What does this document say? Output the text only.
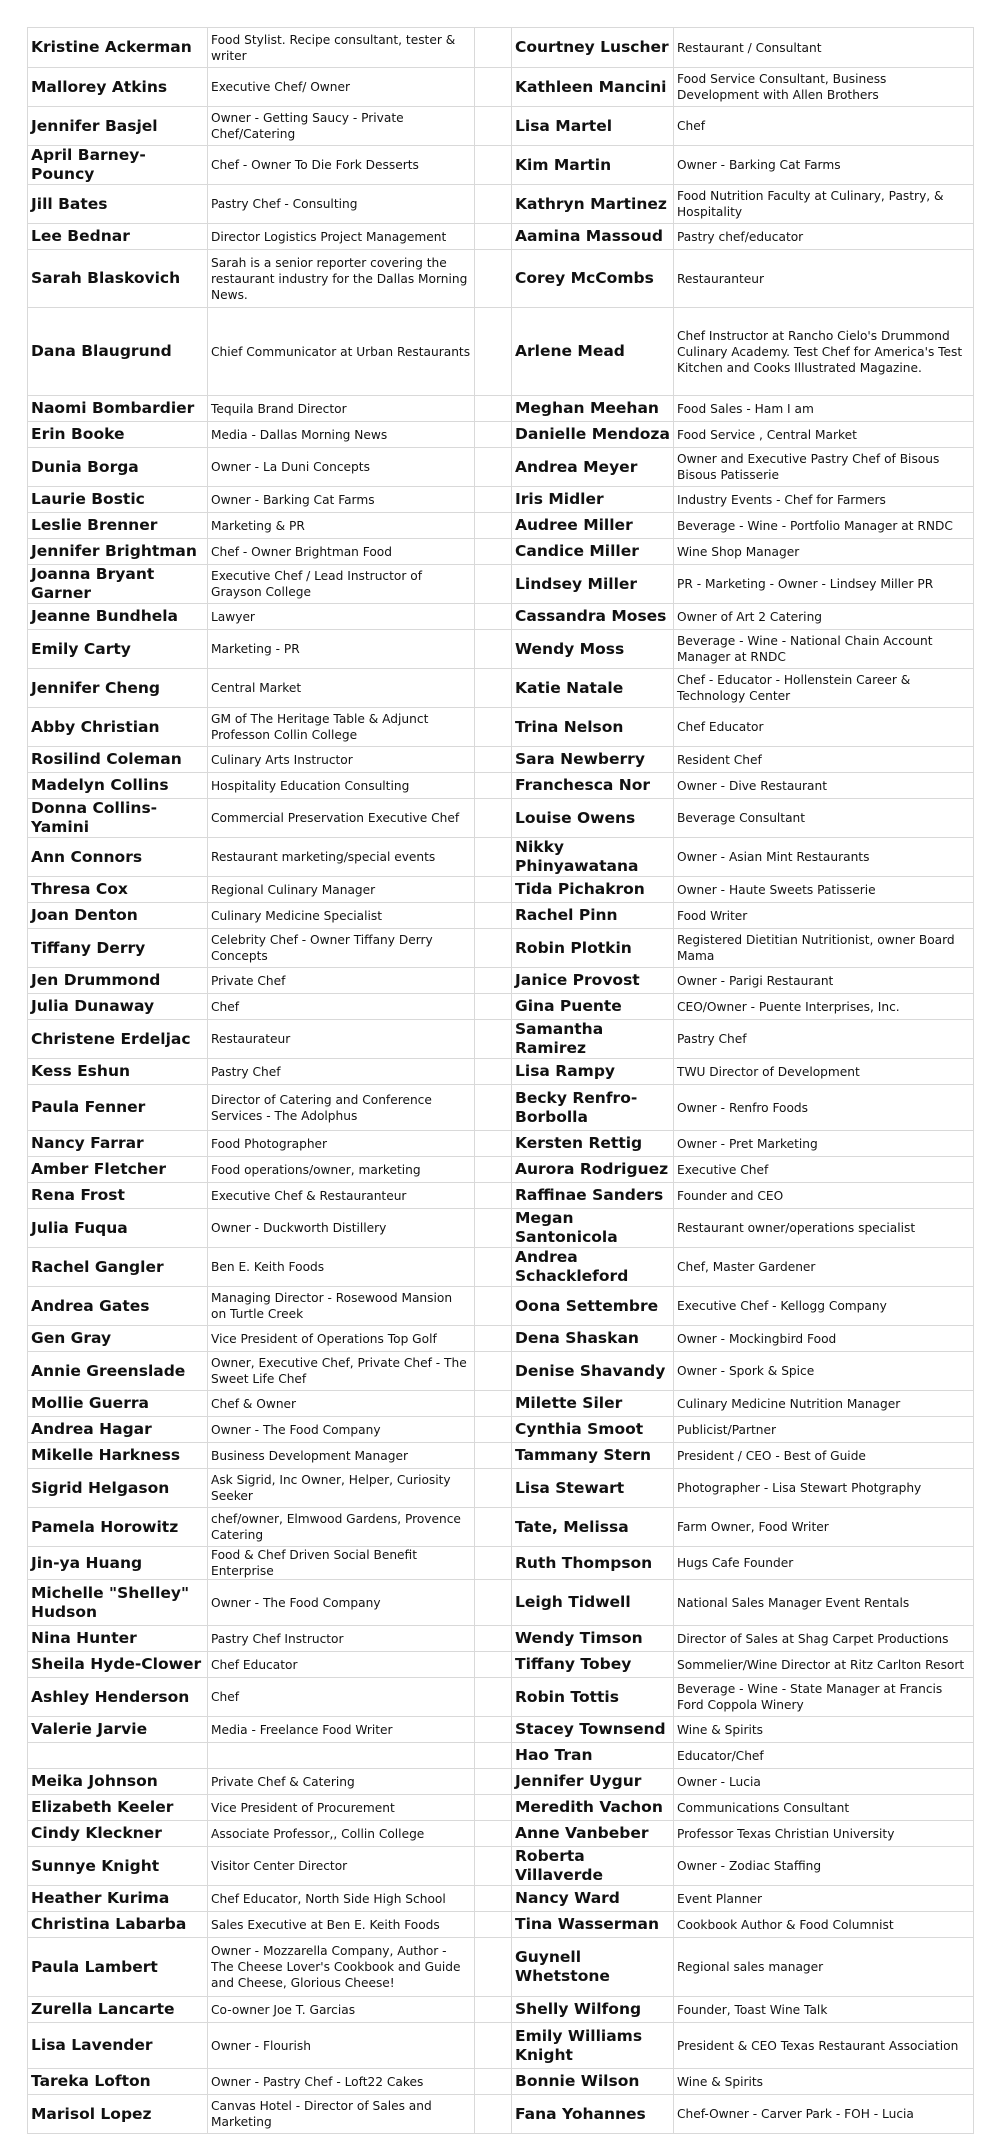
Kristine Ackerman	Food Stylist. Recipe consultant, tester & writer		Courtney Luscher	Restaurant / Consultant
Mallorey Atkins	Executive Chef/ Owner		Kathleen Mancini	Food Service Consultant, Business Development with Allen Brothers
Jennifer Basjel	Owner - Getting Saucy - Private Chef/Catering		Lisa Martel	Chef
April Barney-Pouncy	Chef - Owner To Die Fork Desserts		Kim Martin	Owner - Barking Cat Farms
Jill Bates	Pastry Chef - Consulting		Kathryn Martinez	Food Nutrition Faculty at Culinary, Pastry, & Hospitality
Lee Bednar	Director Logistics Project Management		Aamina Massoud	Pastry chef/educator
Sarah Blaskovich	Sarah is a senior reporter covering the restaurant industry for the Dallas Morning News.		Corey McCombs	Restauranteur
Dana Blaugrund	Chief Communicator at Urban Restaurants		Arlene Mead	Chef Instructor at Rancho Cielo's Drummond Culinary Academy. Test Chef for America's Test Kitchen and Cooks Illustrated Magazine.
Naomi Bombardier	Tequila Brand Director		Meghan Meehan	Food Sales - Ham I am
Erin Booke	Media - Dallas Morning News		Danielle Mendoza	Food Service , Central Market
Dunia Borga	Owner - La Duni Concepts		Andrea Meyer	Owner and Executive Pastry Chef of Bisous Bisous Patisserie
Laurie Bostic	Owner - Barking Cat Farms		Iris Midler	Industry Events - Chef for Farmers
Leslie Brenner	Marketing & PR		Audree Miller	Beverage - Wine - Portfolio Manager at RNDC
Jennifer Brightman	Chef - Owner Brightman Food		Candice Miller	Wine Shop Manager
Joanna Bryant Garner	Executive Chef / Lead Instructor of Grayson College		Lindsey Miller	PR - Marketing - Owner - Lindsey Miller PR
Jeanne Bundhela	Lawyer		Cassandra Moses	Owner of Art 2 Catering
Emily Carty	Marketing - PR		Wendy Moss	Beverage - Wine - National Chain Account Manager at RNDC
Jennifer Cheng	Central Market		Katie Natale	Chef - Educator - Hollenstein Career & Technology Center
Abby Christian	GM of The Heritage Table & Adjunct Professon Collin College		Trina Nelson	Chef Educator
Rosilind Coleman	Culinary Arts Instructor		Sara Newberry	Resident Chef
Madelyn Collins	Hospitality Education Consulting		Franchesca Nor	Owner - Dive Restaurant
Donna Collins-Yamini	Commercial Preservation Executive Chef		Louise Owens	Beverage Consultant
Ann Connors	Restaurant marketing/special events		Nikky Phinyawatana	Owner - Asian Mint Restaurants
Thresa Cox	Regional Culinary Manager		Tida Pichakron	Owner - Haute Sweets Patisserie
Joan Denton	Culinary Medicine Specialist		Rachel Pinn	Food Writer
Tiffany Derry	Celebrity Chef - Owner Tiffany Derry Concepts		Robin Plotkin	Registered Dietitian Nutritionist, owner Board Mama
Jen Drummond	Private Chef		Janice Provost	Owner - Parigi Restaurant
Julia Dunaway	Chef		Gina Puente	CEO/Owner - Puente Interprises, Inc.
Christene Erdeljac	Restaurateur		Samantha Ramirez	Pastry Chef
Kess Eshun	Pastry Chef		Lisa Rampy	TWU Director of Development
Paula Fenner	Director of Catering and Conference Services - The Adolphus		Becky Renfro-Borbolla	Owner - Renfro Foods
Nancy Farrar	Food Photographer		Kersten Rettig	Owner - Pret Marketing
Amber Fletcher	Food operations/owner, marketing		Aurora Rodriguez	Executive Chef
Rena Frost	Executive Chef & Restauranteur		Raffinae Sanders	Founder and CEO
Julia Fuqua	Owner - Duckworth Distillery		Megan Santonicola	Restaurant owner/operations specialist
Rachel Gangler	Ben E. Keith Foods		Andrea Schackleford	Chef, Master Gardener
Andrea Gates	Managing Director - Rosewood Mansion on Turtle Creek		Oona Settembre	Executive Chef - Kellogg Company
Gen Gray	Vice President of Operations Top Golf		Dena Shaskan	Owner - Mockingbird Food
Annie Greenslade	Owner, Executive Chef, Private Chef - The Sweet Life Chef		Denise Shavandy	Owner - Spork & Spice
Mollie Guerra	Chef & Owner		Milette Siler	Culinary Medicine Nutrition Manager
Andrea Hagar	Owner - The Food Company		Cynthia Smoot	Publicist/Partner
Mikelle Harkness	Business Development Manager		Tammany Stern	President / CEO - Best of Guide
Sigrid Helgason	Ask Sigrid, Inc Owner, Helper, Curiosity Seeker		Lisa Stewart	Photographer - Lisa Stewart Photgraphy
Pamela Horowitz	chef/owner, Elmwood Gardens, Provence Catering		Tate, Melissa	Farm Owner, Food Writer
Jin-ya Huang	Food & Chef Driven Social Benefit Enterprise		Ruth Thompson	Hugs Cafe Founder
Michelle "Shelley" Hudson	Owner - The Food Company		Leigh Tidwell	National Sales Manager Event Rentals
Nina Hunter	Pastry Chef Instructor		Wendy Timson	Director of Sales at Shag Carpet Productions
Sheila Hyde-Clower	Chef Educator		Tiffany Tobey	Sommelier/Wine Director at Ritz Carlton Resort
Ashley Henderson	Chef		Robin Tottis	Beverage - Wine - State Manager at Francis Ford Coppola Winery
Valerie Jarvie	Media - Freelance Food Writer		Stacey Townsend	Wine & Spirits
			Hao Tran	Educator/Chef
Meika Johnson	Private Chef & Catering		Jennifer Uygur	Owner - Lucia
Elizabeth Keeler	Vice President of Procurement		Meredith Vachon	Communications Consultant
Cindy Kleckner	Associate Professor,, Collin College		Anne Vanbeber	Professor Texas Christian University
Sunnye Knight	Visitor Center Director		Roberta Villaverde	Owner - Zodiac Staffing
Heather Kurima	Chef Educator, North Side High School		Nancy Ward	Event Planner
Christina Labarba	Sales Executive at Ben E. Keith Foods		Tina Wasserman	Cookbook Author & Food Columnist
Paula Lambert	Owner - Mozzarella Company, Author - The Cheese Lover's Cookbook and Guide and Cheese, Glorious Cheese!		Guynell Whetstone	Regional sales manager
Zurella Lancarte	Co-owner Joe T. Garcias		Shelly Wilfong	Founder, Toast Wine Talk
Lisa Lavender	Owner - Flourish		Emily Williams Knight	President & CEO Texas Restaurant Association
Tareka Lofton	Owner - Pastry Chef - Loft22 Cakes		Bonnie Wilson	Wine & Spirits
Marisol Lopez	Canvas Hotel - Director of Sales and Marketing		Fana Yohannes	Chef-Owner - Carver Park - FOH - Lucia
